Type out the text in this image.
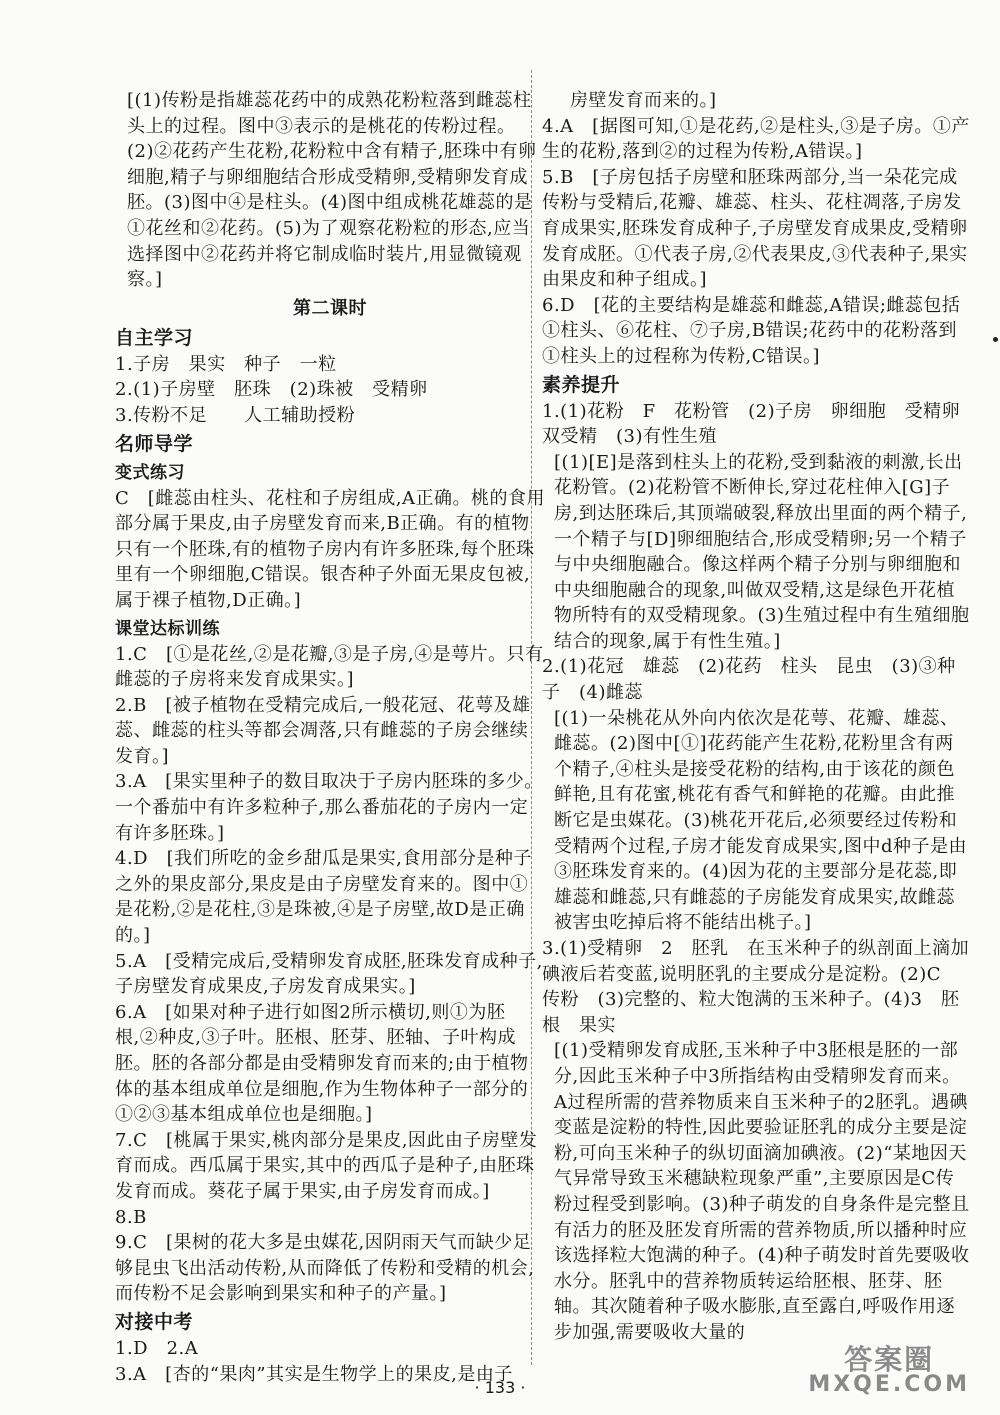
[(1)传粉是指雄蕊花药中的成熟花粉粒落到雌蕊柱头上的过程。图中③表示的是桃花的传粉过程。(2)②花药产生花粉,花粉粒中含有精子,胚珠中有卵细胞,精子与卵细胞结合形成受精卵,受精卵发育成胚。(3)图中④是柱头。(4)图中组成桃花雄蕊的是①花丝和②花药。(5)为了观察花粉粒的形态,应当选择图中②花药并将它制成临时装片,用显微镜观察。]
第二课时
自主学习
1.子房　果实　种子　一粒
2.(1)子房壁　胚珠　(2)珠被　受精卵
3.传粉不足　　人工辅助授粉
名师导学
变式练习
C　[雌蕊由柱头、花柱和子房组成,A正确。桃的食用部分属于果皮,由子房壁发育而来,B正确。有的植物只有一个胚珠,有的植物子房内有许多胚珠,每个胚珠里有一个卵细胞,C错误。银杏种子外面无果皮包被,属于裸子植物,D正确。]
课堂达标训练
1.C　[①是花丝,②是花瓣,③是子房,④是萼片。只有雌蕊的子房将来发育成果实。]
2.B　[被子植物在受精完成后,一般花冠、花萼及雄蕊、雌蕊的柱头等都会凋落,只有雌蕊的子房会继续发育。]
3.A　[果实里种子的数目取决于子房内胚珠的多少。一个番茄中有许多粒种子,那么番茄花的子房内一定有许多胚珠。]
4.D　[我们所吃的金乡甜瓜是果实,食用部分是种子之外的果皮部分,果皮是由子房壁发育来的。图中①是花粉,②是花柱,③是珠被,④是子房壁,故D是正确的。]
5.A　[受精完成后,受精卵发育成胚,胚珠发育成种子,子房壁发育成果皮,子房发育成果实。]
6.A　[如果对种子进行如图2所示横切,则①为胚根,②种皮,③子叶。胚根、胚芽、胚轴、子叶构成胚。胚的各部分都是由受精卵发育而来的;由于植物体的基本组成单位是细胞,作为生物体种子一部分的①②③基本组成单位也是细胞。]
7.C　[桃属于果实,桃肉部分是果皮,因此由子房壁发育而成。西瓜属于果实,其中的西瓜子是种子,由胚珠发育而成。葵花子属于果实,由子房发育而成。]
8.B
9.C　[果树的花大多是虫媒花,因阴雨天气而缺少足够昆虫飞出活动传粉,从而降低了传粉和受精的机会,而传粉不足会影响到果实和种子的产量。]
对接中考
1.D　2.A
3.A　[杏的“果肉”其实是生物学上的果皮,是由子
房壁发育而来的。]
4.A　[据图可知,①是花药,②是柱头,③是子房。①产生的花粉,落到②的过程为传粉,A错误。]
5.B　[子房包括子房壁和胚珠两部分,当一朵花完成传粉与受精后,花瓣、雄蕊、柱头、花柱凋落,子房发育成果实,胚珠发育成种子,子房壁发育成果皮,受精卵发育成胚。①代表子房,②代表果皮,③代表种子,果实由果皮和种子组成。]
6.D　[花的主要结构是雄蕊和雌蕊,A错误;雌蕊包括①柱头、⑥花柱、⑦子房,B错误;花药中的花粉落到①柱头上的过程称为传粉,C错误。]
素养提升
1.(1)花粉　F　花粉管　(2)子房　卵细胞　受精卵　双受精　(3)有性生殖
[(1)[E]是落到柱头上的花粉,受到黏液的刺激,长出花粉管。(2)花粉管不断伸长,穿过花柱伸入[G]子房,到达胚珠后,其顶端破裂,释放出里面的两个精子,一个精子与[D]卵细胞结合,形成受精卵;另一个精子与中央细胞融合。像这样两个精子分别与卵细胞和中央细胞融合的现象,叫做双受精,这是绿色开花植物所特有的双受精现象。(3)生殖过程中有生殖细胞结合的现象,属于有性生殖。]
2.(1)花冠　雄蕊　(2)花药　柱头　昆虫　(3)③种子　(4)雌蕊
[(1)一朵桃花从外向内依次是花萼、花瓣、雄蕊、雌蕊。(2)图中[①]花药能产生花粉,花粉里含有两个精子,④柱头是接受花粉的结构,由于该花的颜色鲜艳,且有花蜜,桃花有香气和鲜艳的花瓣。由此推断它是虫媒花。(3)桃花开花后,必须要经过传粉和受精两个过程,子房才能发育成果实,图中d种子是由③胚珠发育来的。(4)因为花的主要部分是花蕊,即雄蕊和雌蕊,只有雌蕊的子房能发育成果实,故雌蕊被害虫吃掉后将不能结出桃子。]
3.(1)受精卵　2　胚乳　在玉米种子的纵剖面上滴加碘液后若变蓝,说明胚乳的主要成分是淀粉。(2)C　传粉　(3)完整的、粒大饱满的玉米种子。(4)3　胚根　果实
[(1)受精卵发育成胚,玉米种子中3胚根是胚的一部分,因此玉米种子中3所指结构由受精卵发育而来。A过程所需的营养物质来自玉米种子的2胚乳。遇碘变蓝是淀粉的特性,因此要验证胚乳的成分主要是淀粉,可向玉米种子的纵切面滴加碘液。(2)“某地因天气异常导致玉米穗缺粒现象严重”,主要原因是C传粉过程受到影响。(3)种子萌发的自身条件是完整且有活力的胚及胚发育所需的营养物质,所以播种时应该选择粒大饱满的种子。(4)种子萌发时首先要吸收水分。胚乳中的营养物质转运给胚根、胚芽、胚轴。其次随着种子吸水膨胀,直至露白,呼吸作用逐步加强,需要吸收大量的
· 133 ·
答案圈
MXQE.COM
